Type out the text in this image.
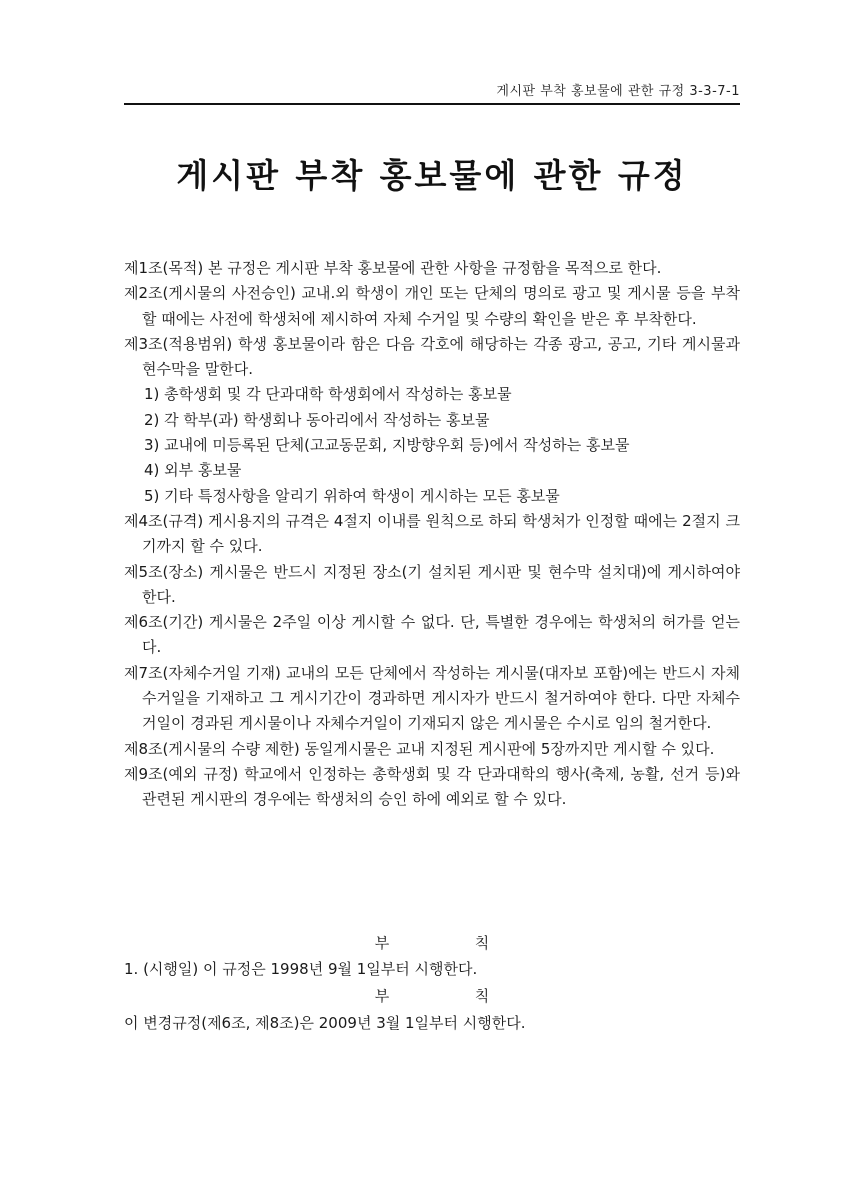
게시판 부착 홍보물에 관한 규정 3-3-7-1
게시판 부착 홍보물에 관한 규정

제1조(목적) 본 규정은 게시판 부착 홍보물에 관한 사항을 규정함을 목적으로 한다.

제2조(게시물의 사전승인) 교내.외 학생이 개인 또는 단체의 명의로 광고 및 게시물 등을 부착할 때에는 사전에 학생처에 제시하여 자체 수거일 및 수량의 확인을 받은 후 부착한다.

제3조(적용범위) 학생 홍보물이라 함은 다음 각호에 해당하는 각종 광고, 공고, 기타 게시물과 현수막을 말한다.

1) 총학생회 및 각 단과대학 학생회에서 작성하는 홍보물

2) 각 학부(과) 학생회나 동아리에서 작성하는 홍보물

3) 교내에 미등록된 단체(고교동문회, 지방향우회 등)에서 작성하는 홍보물

4) 외부 홍보물

5) 기타 특정사항을 알리기 위하여 학생이 게시하는 모든 홍보물

제4조(규격) 게시용지의 규격은 4절지 이내를 원칙으로 하되 학생처가 인정할 때에는 2절지 크기까지 할 수 있다.

제5조(장소) 게시물은 반드시 지정된 장소(기 설치된 게시판 및 현수막 설치대)에 게시하여야 한다.

제6조(기간) 게시물은 2주일 이상 게시할 수 없다. 단, 특별한 경우에는 학생처의 허가를 얻는다.

제7조(자체수거일 기재) 교내의 모든 단체에서 작성하는 게시물(대자보 포함)에는 반드시 자체수거일을 기재하고 그 게시기간이 경과하면 게시자가 반드시 철거하여야 한다. 다만 자체수거일이 경과된 게시물이나 자체수거일이 기재되지 않은 게시물은 수시로 임의 철거한다.

제8조(게시물의 수량 제한) 동일게시물은 교내 지정된 게시판에 5장까지만 게시할 수 있다.

제9조(예외 규정) 학교에서 인정하는 총학생회 및 각 단과대학의 행사(축제, 농활, 선거 등)와 관련된 게시판의 경우에는 학생처의 승인 하에 예외로 할 수 있다.

부	칙
1. (시행일) 이 규정은 1998년 9월 1일부터 시행한다.
부	칙
이 변경규정(제6조, 제8조)은 2009년 3월 1일부터 시행한다.
